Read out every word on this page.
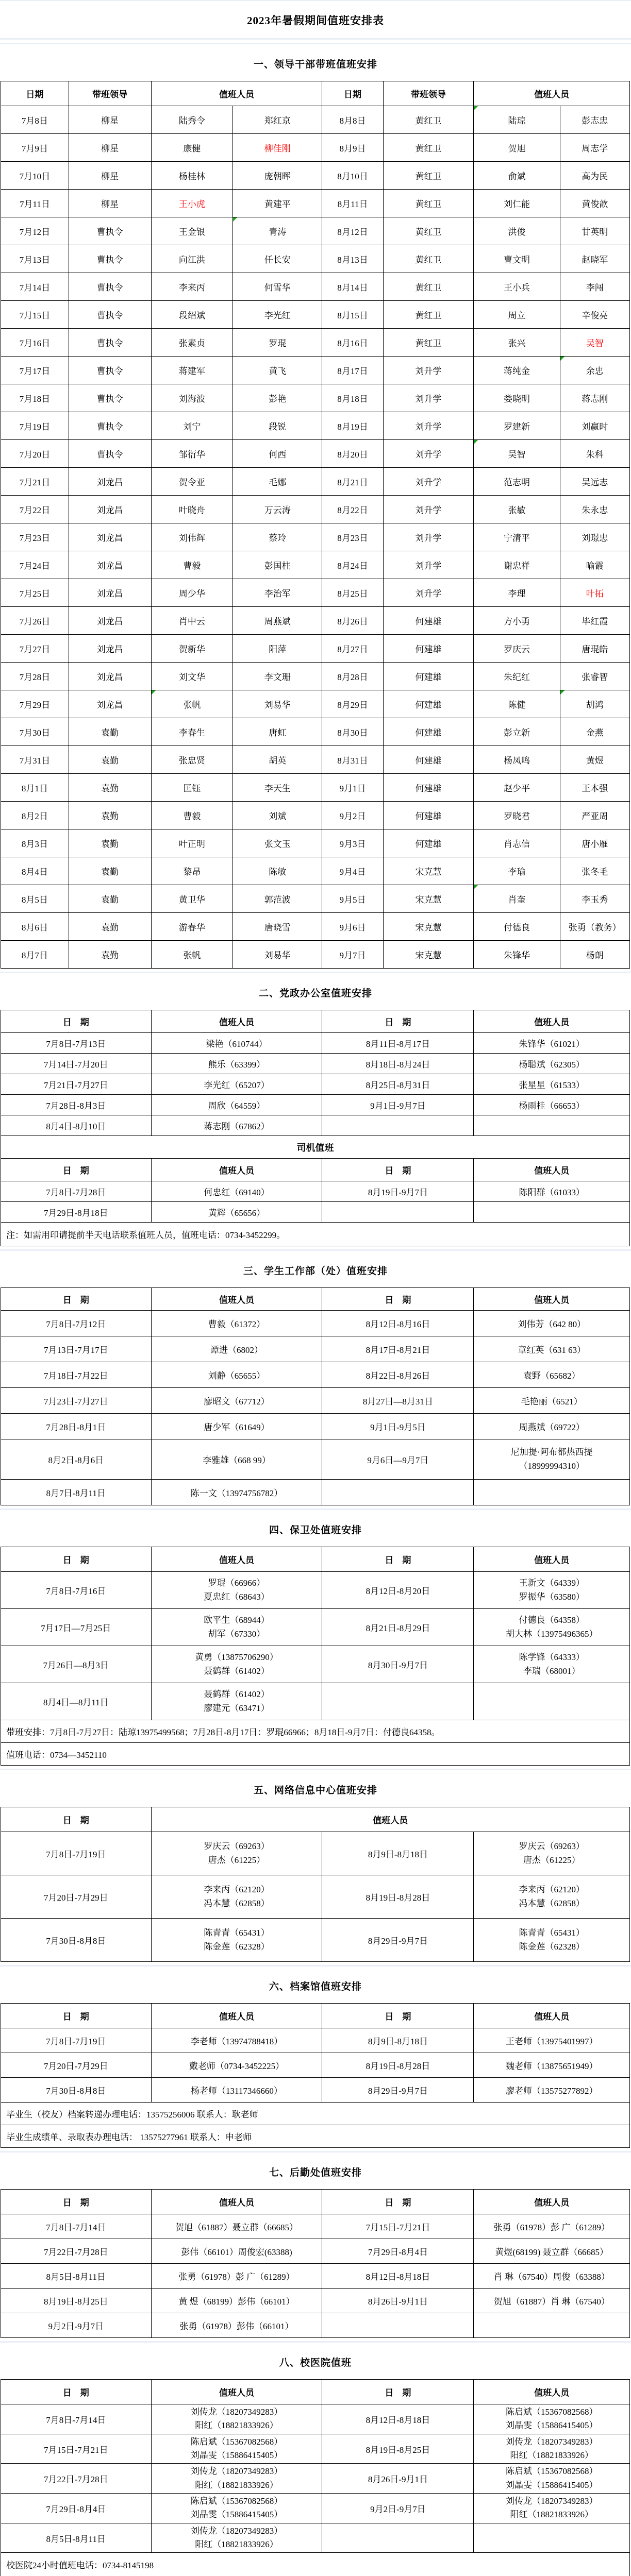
2023年暑假期间值班安排表
一、领导干部带班值班安排
日期	带班领导	值班人员		日期	带班领导	值班人员	
7月8日	柳星	陆秀令	郑红京	8月8日	黄红卫	陆琼	彭志忠
7月9日	柳星	康健	柳佳刚	8月9日	黄红卫	贺旭	周志学
7月10日	柳星	杨桂林	庞朝晖	8月10日	黄红卫	俞斌	高为民
7月11日	柳星	王小虎	黄建平	8月11日	黄红卫	刘仁能	黄俊歆
7月12日	曹执令	王金银	青涛	8月12日	黄红卫	洪俊	甘英明
7月13日	曹执令	向江洪	任长安	8月13日	黄红卫	曹文明	赵晓军
7月14日	曹执令	李来丙	何雪华	8月14日	黄红卫	王小兵	李闯
7月15日	曹执令	段绍斌	李光红	8月15日	黄红卫	周立	辛俊亮
7月16日	曹执令	张素贞	罗琨	8月16日	黄红卫	张兴	吴智
7月17日	曹执令	蒋建军	黄飞	8月17日	刘升学	蒋纯金	余忠
7月18日	曹执令	刘海波	彭艳	8月18日	刘升学	娄晓明	蒋志刚
7月19日	曹执令	刘宁	段锐	8月19日	刘升学	罗建新	刘赢时
7月20日	曹执令	邹衍华	何西	8月20日	刘升学	吴智	朱科
7月21日	刘龙昌	贺令亚	毛娜	8月21日	刘升学	范志明	吴远志
7月22日	刘龙昌	叶晓舟	万云涛	8月22日	刘升学	张敏	朱永忠
7月23日	刘龙昌	刘伟辉	蔡玲	8月23日	刘升学	宁清平	刘璟忠
7月24日	刘龙昌	曹毅	彭国柱	8月24日	刘升学	谢忠祥	喻霞
7月25日	刘龙昌	周少华	李治军	8月25日	刘升学	李理	叶拓
7月26日	刘龙昌	肖中云	周燕斌	8月26日	何建雄	方小勇	毕红霞
7月27日	刘龙昌	贺新华	阳萍	8月27日	何建雄	罗庆云	唐琨皓
7月28日	刘龙昌	刘文华	李文珊	8月28日	何建雄	朱纪红	张睿智
7月29日	刘龙昌	张帆	刘易华	8月29日	何建雄	陈健	胡鸿
7月30日	袁勤	李春生	唐虹	8月30日	何建雄	彭立新	金燕
7月31日	袁勤	张忠贤	胡英	8月31日	何建雄	杨凤鸣	黄煜
8月1日	袁勤	匡钰	李天生	9月1日	何建雄	赵少平	王本强
8月2日	袁勤	曹毅	刘斌	9月2日	何建雄	罗晓君	严亚周
8月3日	袁勤	叶正明	张文玉	9月3日	何建雄	肖志信	唐小雁
8月4日	袁勤	黎昂	陈敏	9月4日	宋克慧	李瑜	张冬毛
8月5日	袁勤	黄卫华	郭范波	9月5日	宋克慧	肖奎	李玉秀
8月6日	袁勤	游春华	唐晓雪	9月6日	宋克慧	付德良	张勇（教务）
8月7日	袁勤	张帆	刘易华	9月7日	宋克慧	朱锋华	杨朗
二、党政办公室值班安排
日　期	值班人员	日　期	值班人员
7月8日-7月13日	梁艳（610744）	8月11日-8月17日	朱锋华（61021）
7月14日-7月20日	熊乐（63399）	8月18日-8月24日	杨聪斌（62305）
7月21日-7月27日	李光红（65207）	8月25日-8月31日	张星星（61533）
7月28日-8月3日	周欣（64559）	9月1日-9月7日	杨雨桂（66653）
8月4日-8月10日	蒋志刚（67862）		
司机值班			
日　期	值班人员	日　期	值班人员
7月8日-7月28日	何忠红（69140）	8月19日-9月7日	陈阳群（61033）
7月29日-8月18日	黄辉（65656）		
注：如需用印请提前半天电话联系值班人员，值班电话：0734-3452299。			
三、学生工作部（处）值班安排
日　期	值班人员	日　期	值班人员
7月8日-7月12日	曹毅（61372）	8月12日-8月16日	刘伟芳（642 80）
7月13日-7月17日	谭进（6802）	8月17日-8月21日	章红英（631 63）
7月18日-7月22日	刘静（65655）	8月22日-8月26日	袁野（65682）
7月23日-7月27日	廖昭文（67712）	8月27日—8月31日	毛艳丽（6521）
7月28日-8月1日	唐少军（61649）	9月1日-9月5日	周燕斌（69722）
8月2日-8月6日	李雅雄（668 99）	9月6日—9月7日	尼加提·阿布都热西提
（18999994310）

8月7日-8月11日	陈一文（13974756782）		
四、保卫处值班安排
日　期	值班人员	日　期	值班人员
7月8日-7月16日	
罗琨（66966）
夏忠红（68643）
	8月12日-8月20日	
王新文（64339）
罗振华（63580）

7月17日—7月25日	
欧平生（68944）
胡军（67330）
	8月21日-8月29日	
付德良（64358）
胡大林（13975496365）

7月26日—8月3日	
黄勇（13875706290）
聂鹤群（61402）
	8月30日-9月7日	
陈学锋（64333）
李瑞（68001）

8月4日—8月11日	聂鹤群（61402）
廖建元（63471）		

带班安排：7月8日-7月27日：陆琼13975499568；7月28日-8月17日：罗琨66966；8月18日-9月7日：付德良64358。			
值班电话：0734—3452110			
五、网络信息中心值班安排
日　期	值班人员		
7月8日-7月19日	
罗庆云（69263）
唐杰（61225）
	8月9日-8月18日	
罗庆云（69263）
唐杰（61225）

7月20日-7月29日	
李来丙（62120）
冯本慧（62858）
	8月19日-8月28日	
李来丙（62120）
冯本慧（62858）

7月30日-8月8日	
陈青青（65431）
陈金莲（62328）
	8月29日-9月7日	
陈青青（65431）
陈金莲（62328）
六、档案馆值班安排
日　期	值班人员	日　期	值班人员
7月8日-7月19日	李老师（13974788418）	8月9日-8月18日	王老师（13975401997）
7月20日-7月29日	戴老师（0734-3452225）	8月19日-8月28日	魏老师（13875651949）
7月30日-8月8日	杨老师（13117346660）	8月29日-9月7日	廖老师（13575277892）
毕业生（校友）档案转递办理电话：13575256006 联系人：耿老师			
毕业生成绩单、录取表办理电话： 13575277961 联系人：申老师			
七、后勤处值班安排
日　期	值班人员	日　期	值班人员
7月8日-7月14日	贺旭（61887）聂立群（66685）	7月15日-7月21日	张勇（61978）彭 广（61289）
7月22日-7月28日	彭伟（66101）周俊宏(63388)	7月29日-8月4日	黄煜(68199) 聂立群（66685）
8月5日-8月11日	张勇（61978）彭 广（61289）	8月12日-8月18日	肖 琳（67540）周俊（63388）
8月19日-8月25日	黄 煜（68199）彭伟（66101）	8月26日-9月1日	贺旭（61887）肖 琳（67540）
9月2日-9月7日	张勇（61978）彭伟（66101）		
八、校医院值班
日　期	值班人员	日　期	值班人员
7月8日-7月14日	
刘传龙（18207349283）
阳红（18821833926）
	8月12日-8月18日	
陈启斌（15367082568）
刘晶雯（15886415405）

7月15日-7月21日	
陈启斌（15367082568）
刘晶雯（15886415405）
	8月19日-8月25日	
刘传龙（18207349283）
阳红（18821833926）

7月22日-7月28日	
刘传龙（18207349283）
阳红（18821833926）
	8月26日-9月1日	
陈启斌（15367082568）
刘晶雯（15886415405）

7月29日-8月4日	
陈启斌（15367082568）
刘晶雯（15886415405）
	9月2日-9月7日	
刘传龙（18207349283）
阳红（18821833926）

8月5日-8月11日	刘传龙（18207349283）
阳红（18821833926）		

校医院24小时值班电话：0734-8145198			
